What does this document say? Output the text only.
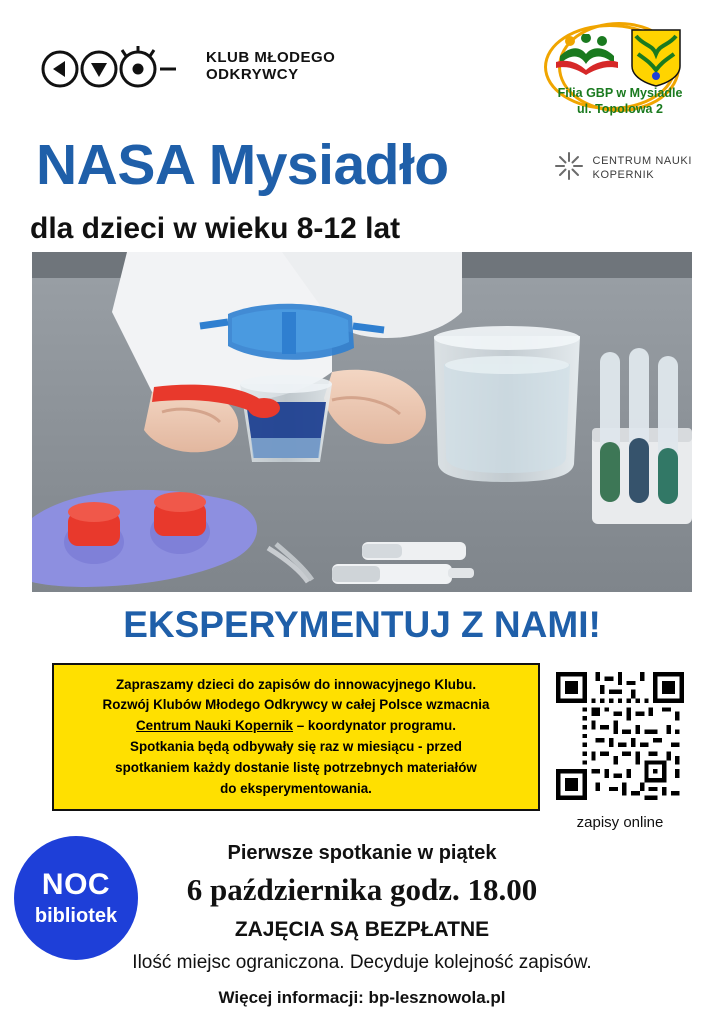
KLUB MŁODEGO
ODKRYWCY
Filia GBP w Mysiadle
ul. Topolowa 2
CENTRUM NAUKI
KOPERNIK
NASA Mysiadło
dla dzieci w wieku 8-12 lat
EKSPERYMENTUJ Z NAMI!

Zapraszamy dzieci do zapisów do innowacyjnego Klubu.

Rozwój Klubów Młodego Odkrywcy w całej Polsce wzmacnia

Centrum Nauki Kopernik – koordynator programu.

Spotkania będą odbywały się raz w miesiącu - przed

spotkaniem każdy dostanie listę potrzebnych materiałów

do eksperymentowania.

zapisy online
NOC
bibliotek
Pierwsze spotkanie w piątek
6 października godz. 18.00
ZAJĘCIA SĄ BEZPŁATNE
Ilość miejsc ograniczona. Decyduje kolejność zapisów.
Więcej informacji: bp-lesznowola.pl
